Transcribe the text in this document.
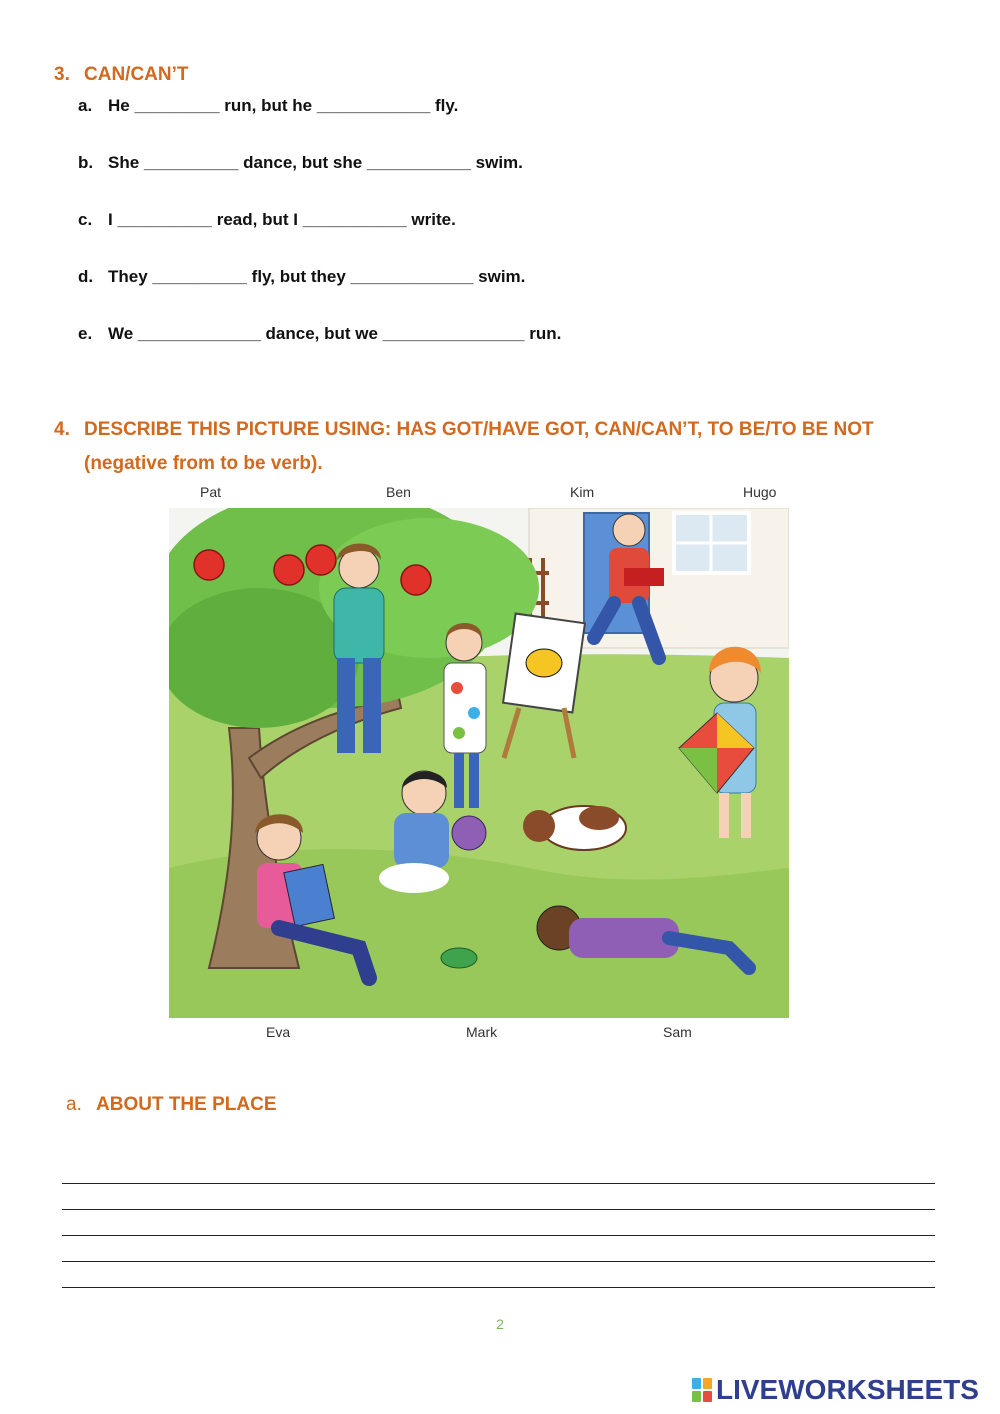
3. CAN/CAN’T
a. He _________ run, but he ____________ fly.
b. She __________ dance, but she ___________ swim.
c. I __________ read, but I ___________ write.
d. They __________ fly, but they _____________ swim.
e. We _____________ dance, but we _______________ run.
4. DESCRIBE THIS PICTURE USING: HAS GOT/HAVE GOT, CAN/CAN’T, TO BE/TO BE NOT
(negative from to be verb).
Pat	Ben	Kim	Hugo
Eva	Mark	Sam
a. ABOUT THE PLACE
2
LIVEWORKSHEETS
